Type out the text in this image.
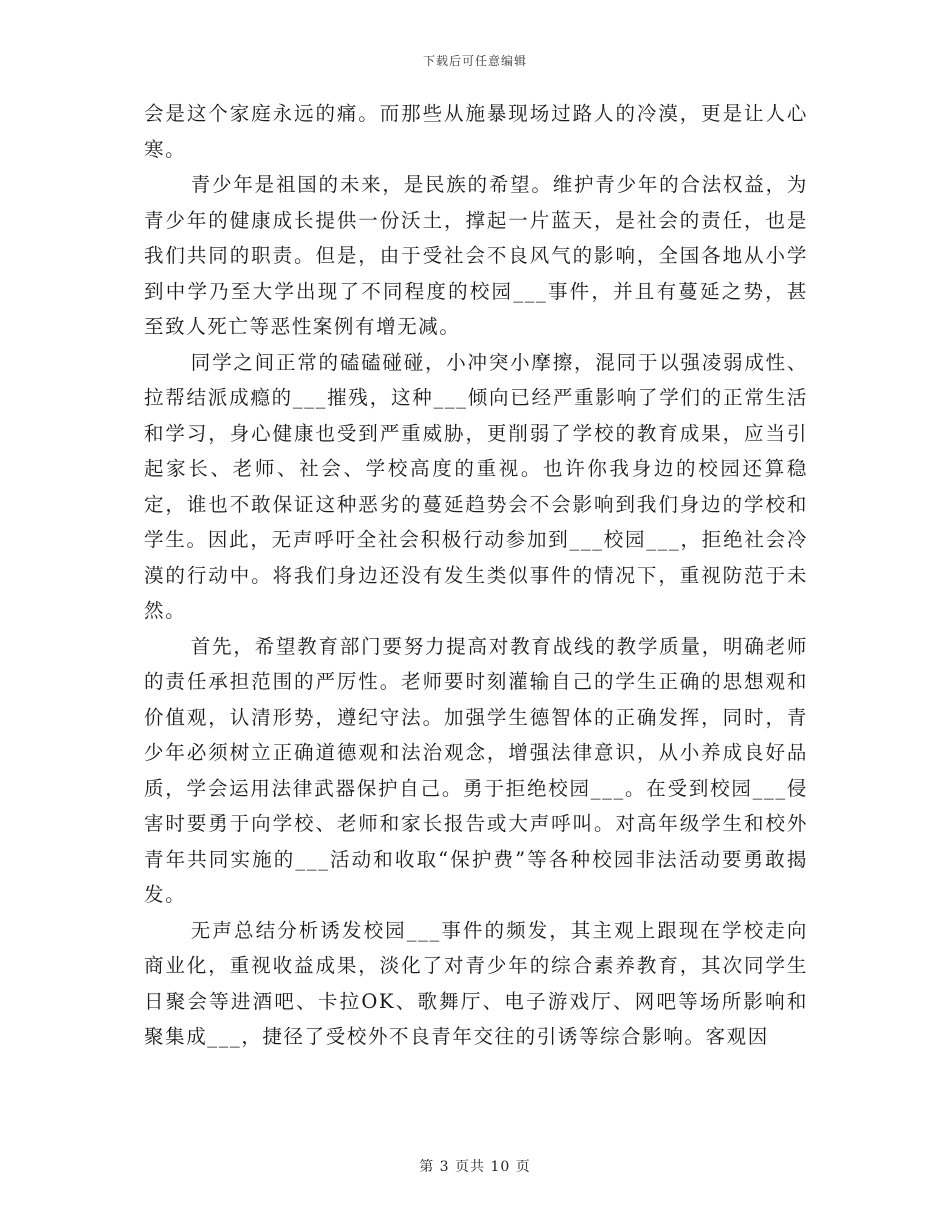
下载后可任意编辑

会是这个家庭永远的痛。而那些从施暴现场过路人的冷漠，更是让人心寒。

青少年是祖国的未来，是民族的希望。维护青少年的合法权益，为青少年的健康成长提供一份沃土，撑起一片蓝天，是社会的责任，也是我们共同的职责。但是，由于受社会不良风气的影响，全国各地从小学到中学乃至大学出现了不同程度的校园___事件，并且有蔓延之势，甚至致人死亡等恶性案例有增无减。

同学之间正常的磕磕碰碰，小冲突小摩擦，混同于以强凌弱成性、拉帮结派成瘾的___摧残，这种___倾向已经严重影响了学们的正常生活和学习，身心健康也受到严重威胁，更削弱了学校的教育成果，应当引起家长、老师、社会、学校高度的重视。也许你我身边的校园还算稳定，谁也不敢保证这种恶劣的蔓延趋势会不会影响到我们身边的学校和学生。因此，无声呼吁全社会积极行动参加到___校园___，拒绝社会冷漠的行动中。将我们身边还没有发生类似事件的情况下，重视防范于未然。

首先，希望教育部门要努力提高对教育战线的教学质量，明确老师的责任承担范围的严厉性。老师要时刻灌输自己的学生正确的思想观和价值观，认清形势，遵纪守法。加强学生德智体的正确发挥，同时，青少年必须树立正确道德观和法治观念，增强法律意识，从小养成良好品质，学会运用法律武器保护自己。勇于拒绝校园___。在受到校园___侵害时要勇于向学校、老师和家长报告或大声呼叫。对高年级学生和校外青年共同实施的___活动和收取“保护费”等各种校园非法活动要勇敢揭发。

无声总结分析诱发校园___事件的频发，其主观上跟现在学校走向商业化，重视收益成果，淡化了对青少年的综合素养教育，其次同学生日聚会等进酒吧、卡拉OK、歌舞厅、电子游戏厅、网吧等场所影响和聚集成___，捷径了受校外不良青年交往的引诱等综合影响。客观因

第 3 页共 10 页
